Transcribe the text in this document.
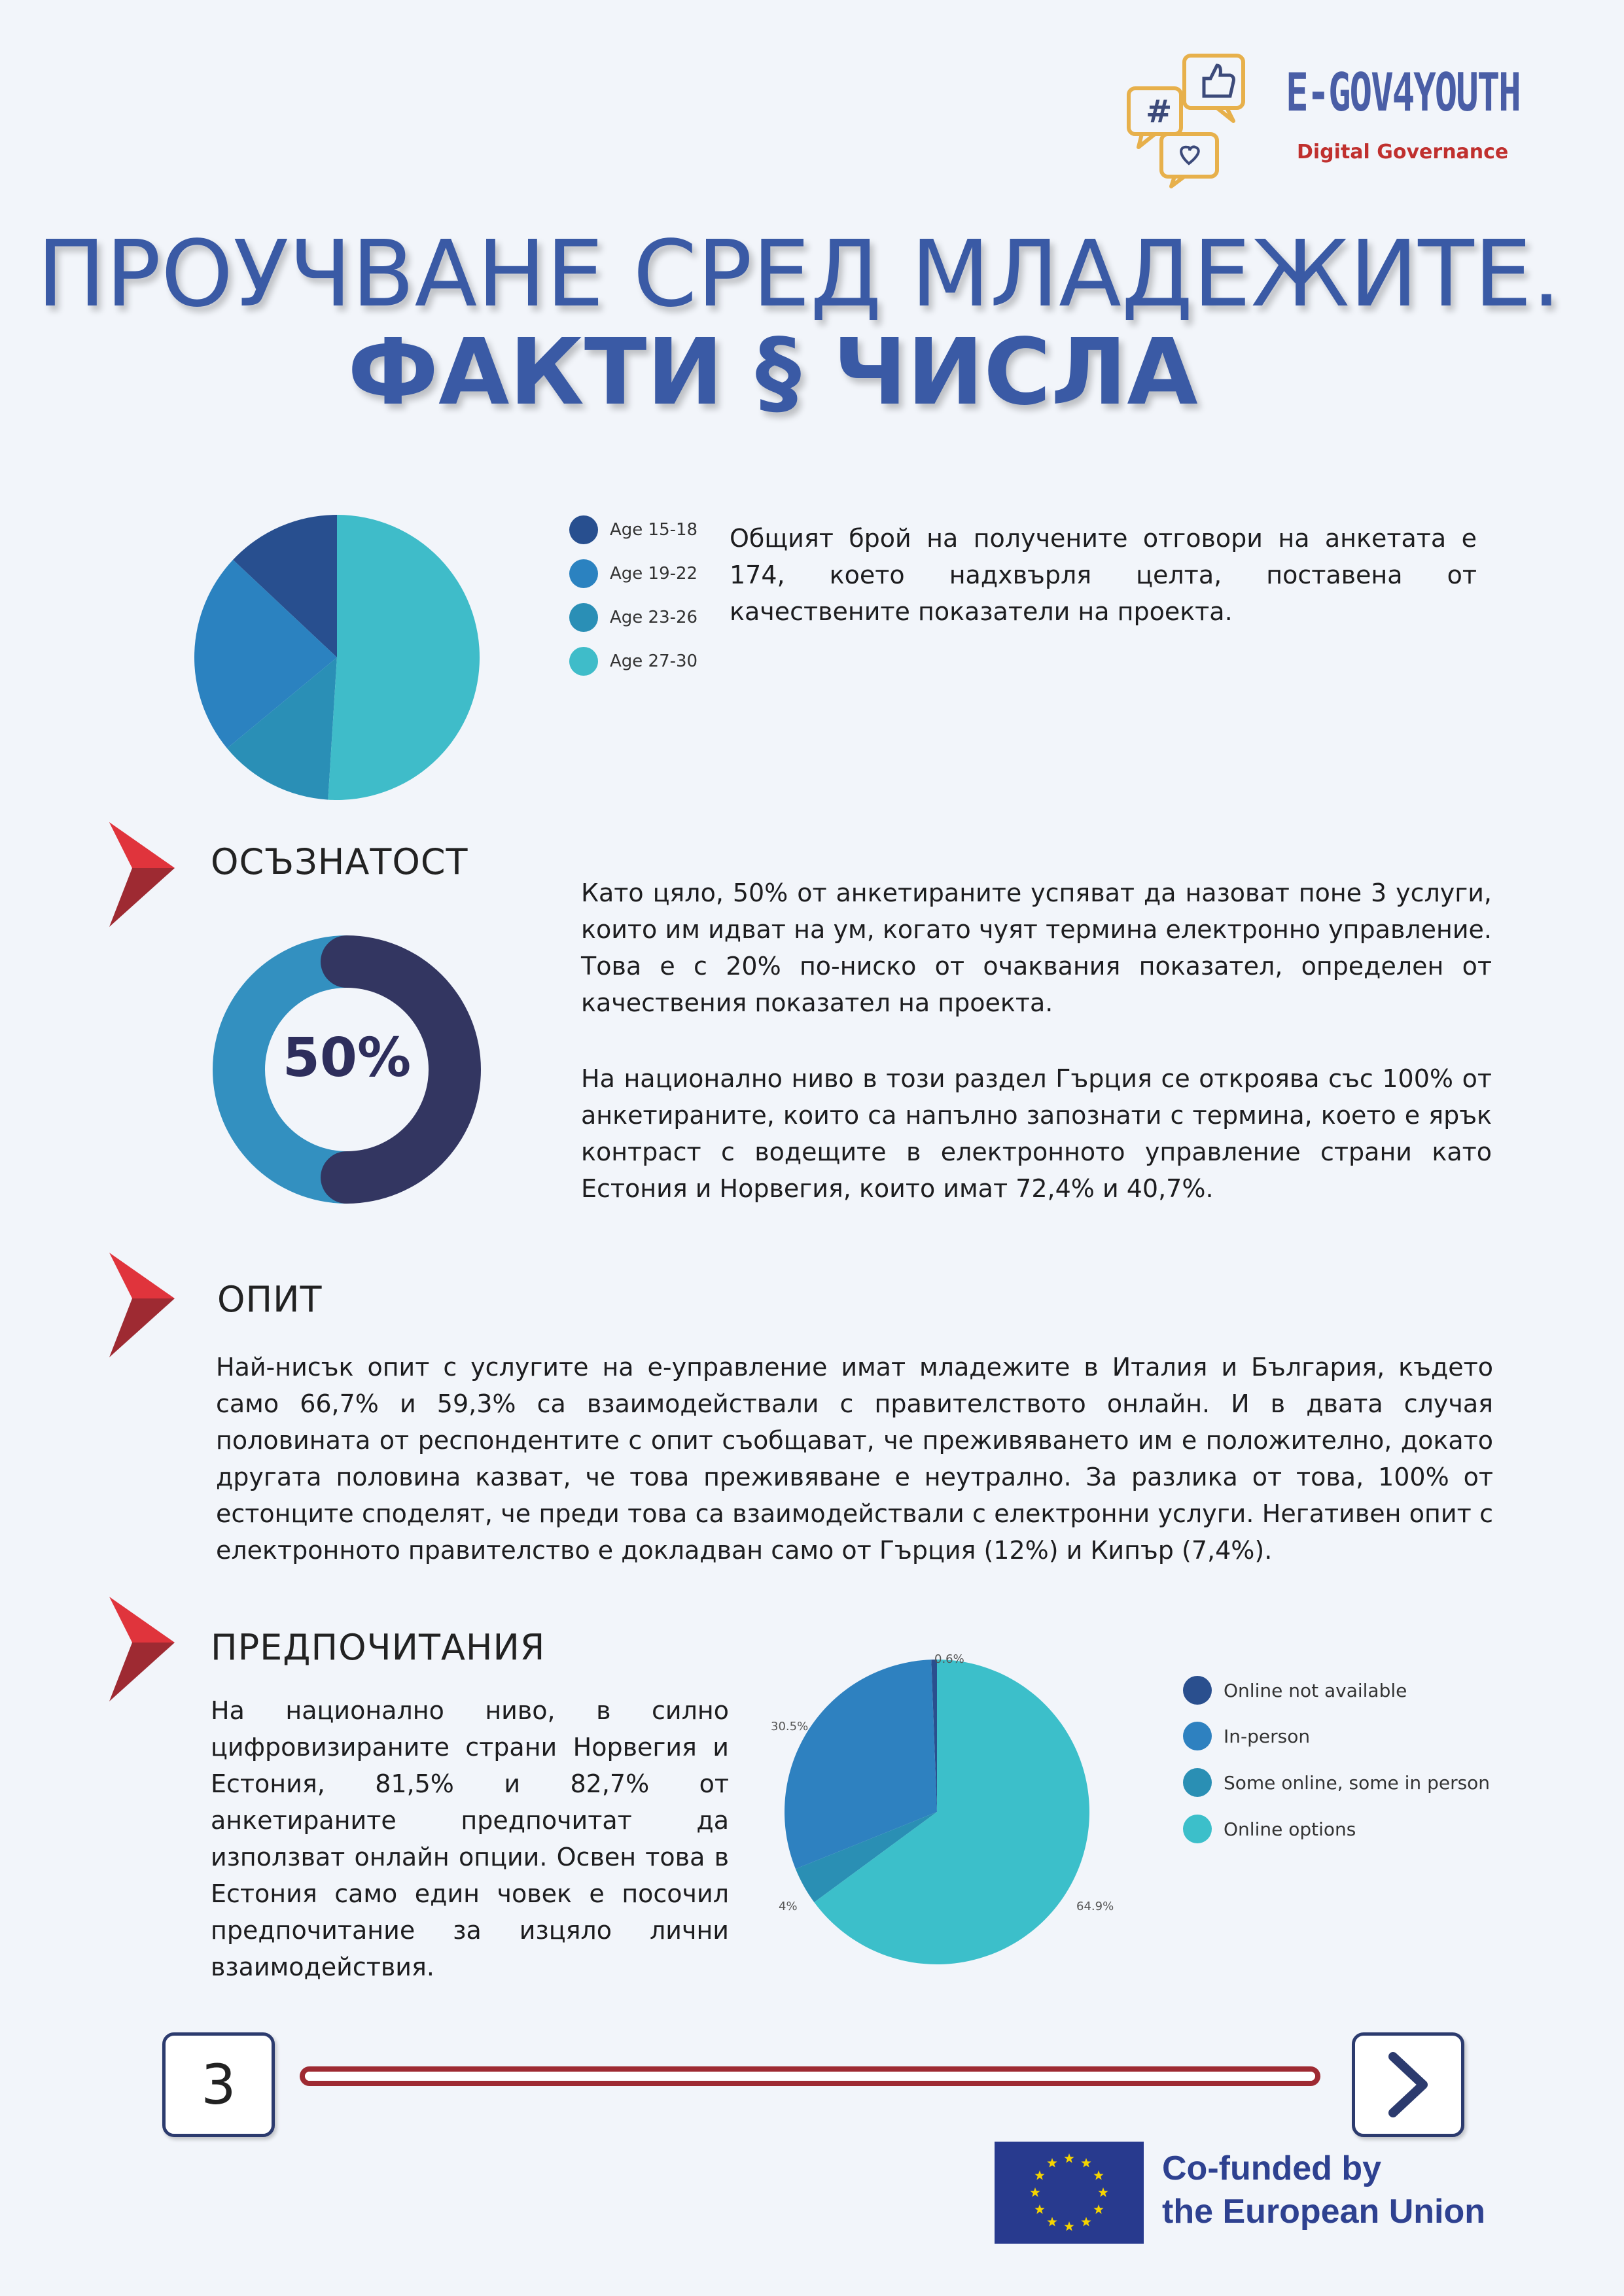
# E-GOV4YOUTH
Digital Governance
ПРОУЧВАНЕ СРЕД МЛАДЕЖИТЕ.
ФАКТИ § ЧИСЛА
Age 15-18
Age 19-22
Age 23-26
Age 27-30
Общият брой на получените отговори на анкетата е 174, което надхвърля целта, поставена от качествените показатели на проекта.
ОСЪЗНАТОСТ
50%
Като цяло, 50% от анкетираните успяват да назоват поне 3 услуги, които им идват на ум, когато чуят термина електронно управление. Това е с 20% по-ниско от очаквания показател, определен от качествения показател на проекта.
На национално ниво в този раздел Гърция се откроява със 100% от анкетираните, които са напълно запознати с термина, което е ярък контраст с водещите в електронното управление страни като Естония и Норвегия, които имат 72,4% и 40,7%.
ОПИТ
Най-нисък опит с услугите на е-управление имат младежите в Италия и България, където само 66,7% и 59,3% са взаимодействали с правителството онлайн. И в двата случая половината от респондентите с опит съобщават, че преживяването им е положително, докато другата половина казват, че това преживяване е неутрално. За разлика от това, 100% от естонците споделят, че преди това са взаимодействали с електронни услуги. Негативен опит с електронното правителство е докладван само от Гърция (12%) и Кипър (7,4%).
ПРЕДПОЧИТАНИЯ
На национално ниво, в силно цифровизираните страни Норвегия и Естония, 81,5% и 82,7% от анкетираните предпочитат да използват онлайн опции. Освен това в Естония само един човек е посочил предпочитание за изцяло лични взаимодействия.
0.6%
30.5%
4%	64.9%
Online not available
In-person
Some online, some in person
Online options
3
Co-funded by
the European Union
